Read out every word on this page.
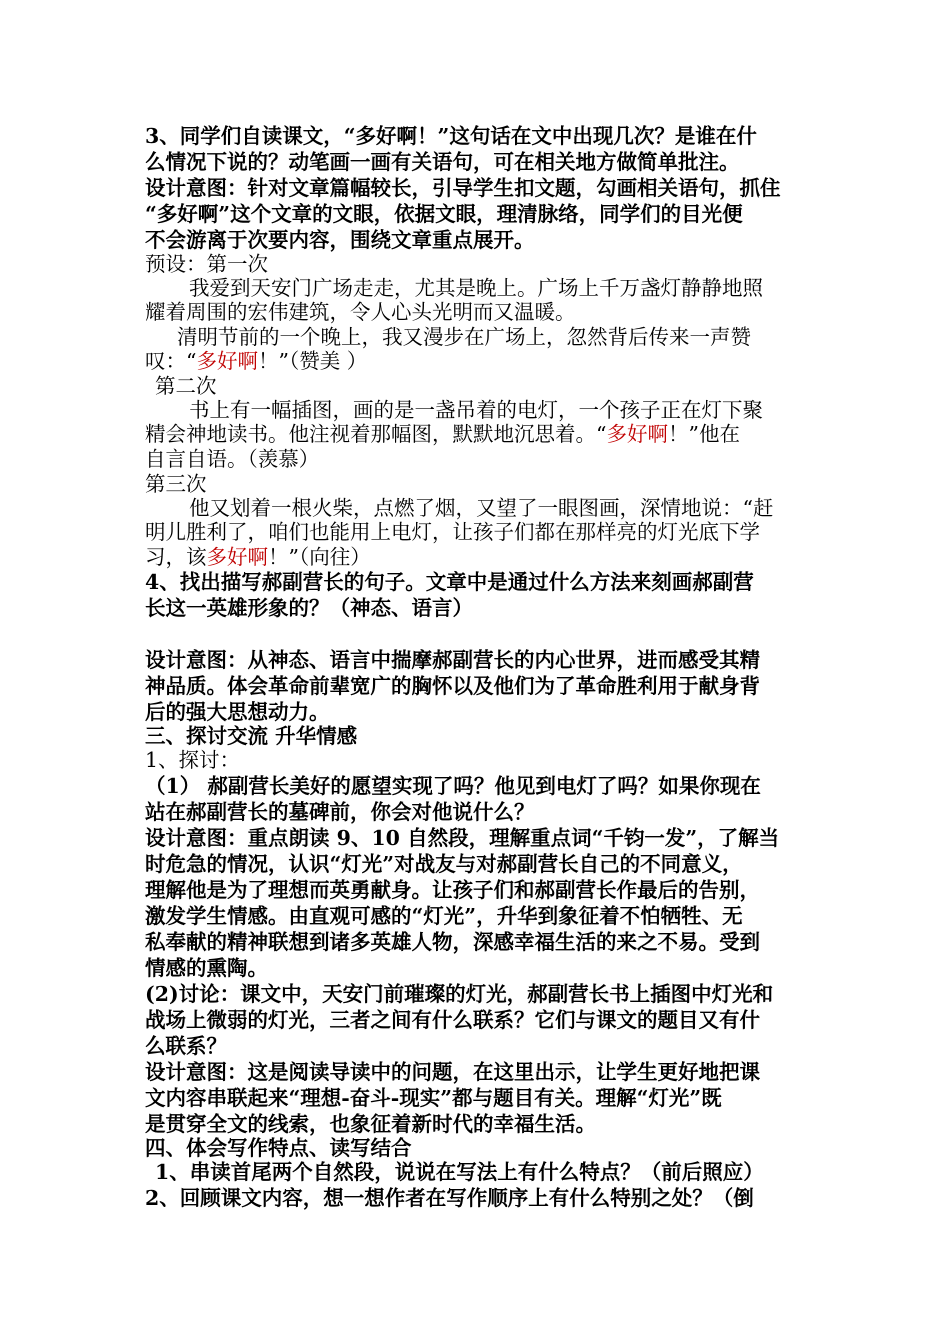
3、同学们自读课文，“多好啊！”这句话在文中出现几次？是谁在什
么情况下说的？动笔画一画有关语句，可在相关地方做简单批注。
设计意图：针对文章篇幅较长，引导学生扣文题，勾画相关语句，抓住
“多好啊”这个文章的文眼，依据文眼，理清脉络，同学们的目光便
不会游离于次要内容，围绕文章重点展开。
预设：第一次
我爱到天安门广场走走，尤其是晚上。广场上千万盏灯静静地照
耀着周围的宏伟建筑，令人心头光明而又温暖。
清明节前的一个晚上，我又漫步在广场上，忽然背后传来一声赞
叹：“多好啊！”（赞美 ）
第二次
书上有一幅插图，画的是一盏吊着的电灯，一个孩子正在灯下聚
精会神地读书。他注视着那幅图，默默地沉思着。“多好啊！”他在
自言自语。（羡慕）
第三次
他又划着一根火柴，点燃了烟，又望了一眼图画，深情地说：“赶
明儿胜利了，咱们也能用上电灯，让孩子们都在那样亮的灯光底下学
习，该多好啊！”（向往）
4、找出描写郝副营长的句子。文章中是通过什么方法来刻画郝副营
长这一英雄形象的？（神态、语言）
设计意图：从神态、语言中揣摩郝副营长的内心世界，进而感受其精
神品质。体会革命前辈宽广的胸怀以及他们为了革命胜利用于献身背
后的强大思想动力。
三、探讨交流 升华情感
1、探讨：
（1） 郝副营长美好的愿望实现了吗？他见到电灯了吗？如果你现在
站在郝副营长的墓碑前，你会对他说什么？
设计意图：重点朗读 9、10 自然段，理解重点词“千钧一发”，了解当
时危急的情况，认识“灯光”对战友与对郝副营长自己的不同意义，
理解他是为了理想而英勇献身。让孩子们和郝副营长作最后的告别，
激发学生情感。由直观可感的“灯光”，升华到象征着不怕牺牲、无
私奉献的精神联想到诸多英雄人物，深感幸福生活的来之不易。受到
情感的熏陶。
(2)讨论：课文中，天安门前璀璨的灯光，郝副营长书上插图中灯光和
战场上微弱的灯光，三者之间有什么联系？它们与课文的题目又有什
么联系？
设计意图：这是阅读导读中的问题，在这里出示，让学生更好地把课
文内容串联起来“理想-奋斗-现实”都与题目有关。理解“灯光”既
是贯穿全文的线索，也象征着新时代的幸福生活。
四、体会写作特点、读写结合
1、串读首尾两个自然段，说说在写法上有什么特点？（前后照应）
2、回顾课文内容，想一想作者在写作顺序上有什么特别之处？（倒
